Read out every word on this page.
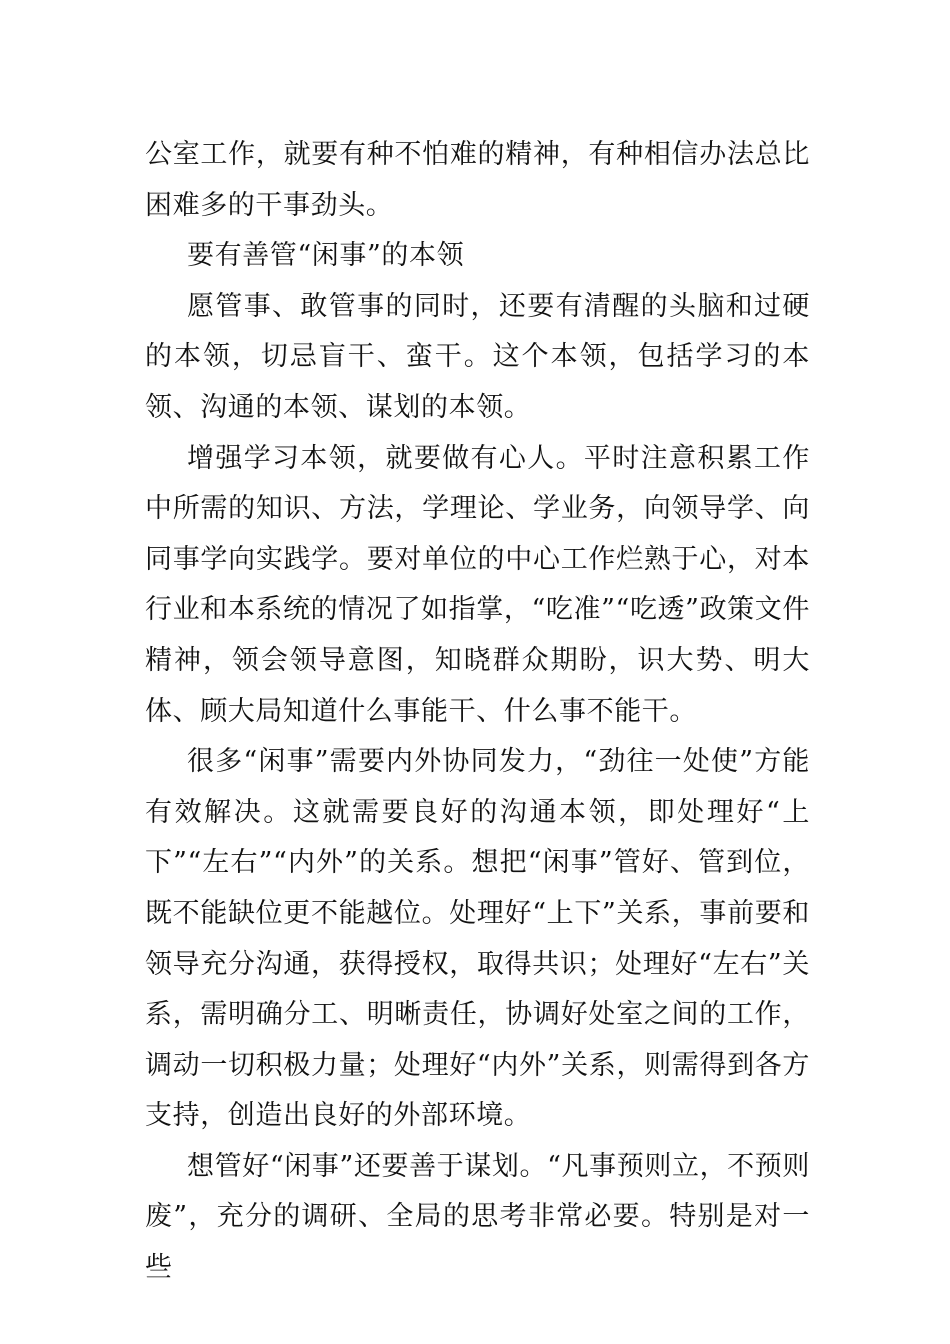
公室工作，就要有种不怕难的精神，有种相信办法总比困难多的干事劲头。

要有善管“闲事”的本领

愿管事、敢管事的同时，还要有清醒的头脑和过硬的本领，切忌盲干、蛮干。这个本领，包括学习的本领、沟通的本领、谋划的本领。

增强学习本领，就要做有心人。平时注意积累工作中所需的知识、方法，学理论、学业务，向领导学、向同事学向实践学。要对单位的中心工作烂熟于心，对本行业和本系统的情况了如指掌，“吃准”“吃透”政策文件精神，领会领导意图，知晓群众期盼，识大势、明大体、顾大局知道什么事能干、什么事不能干。

很多“闲事”需要内外协同发力，“劲往一处使”方能有效解决。这就需要良好的沟通本领，即处理好“上下”“左右”“内外”的关系。想把“闲事”管好、管到位，既不能缺位更不能越位。处理好“上下”关系，事前要和领导充分沟通，获得授权，取得共识；处理好“左右”关系，需明确分工、明晰责任，协调好处室之间的工作，调动一切积极力量；处理好“内外”关系，则需得到各方支持，创造出良好的外部环境。

想管好“闲事”还要善于谋划。“凡事预则立，不预则废”，充分的调研、全局的思考非常必要。特别是对一些
